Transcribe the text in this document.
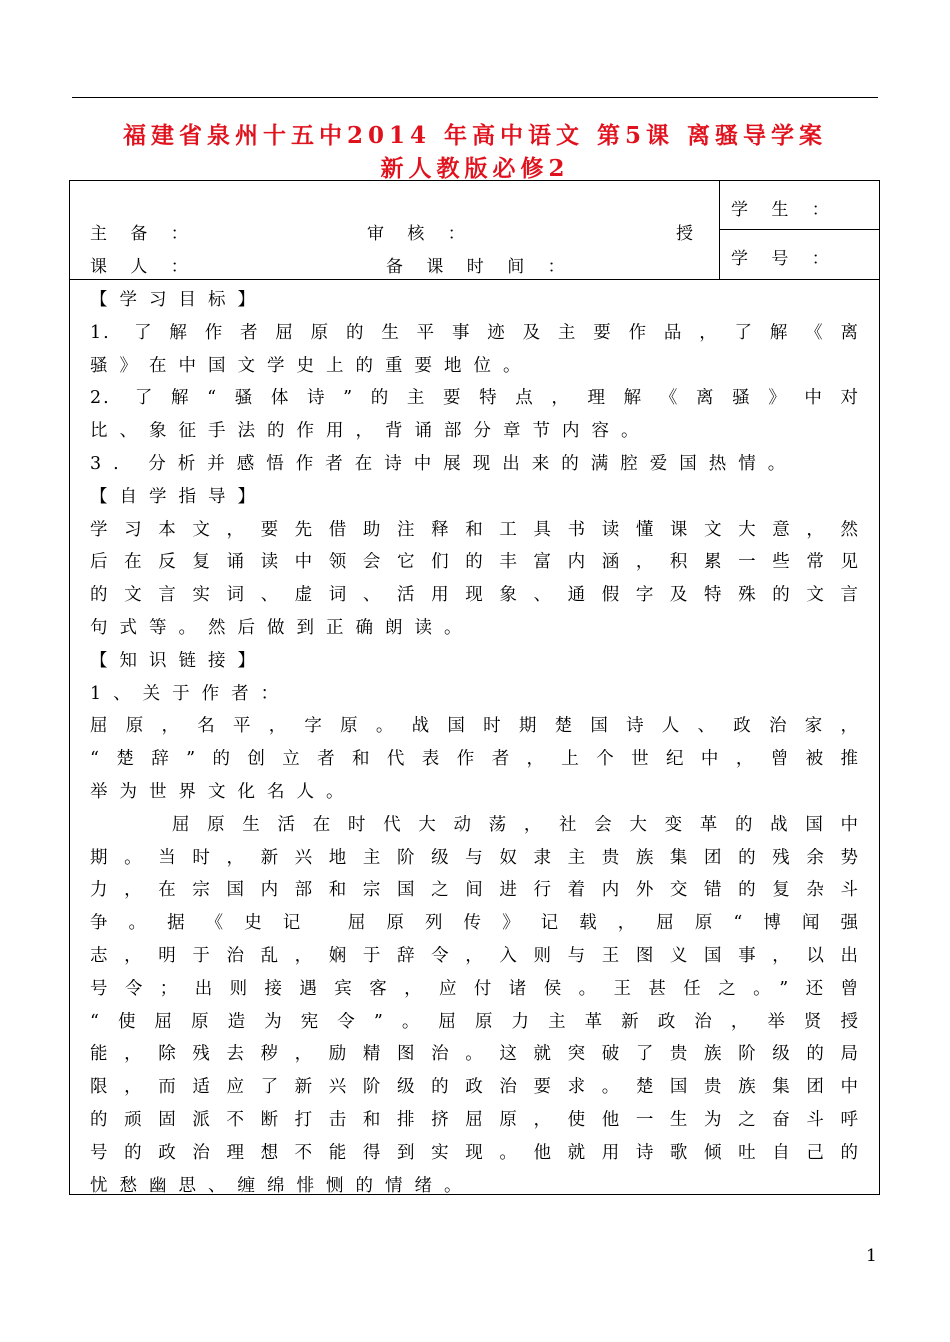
福建省泉州十五中2014 年高中语文 第5课 离骚导学案
新人教版必修2
主 备 ：	审 核 ：	授
课 人 ：	备 课 时 间 ：
学 生 ：
学 号 ：
【学习目标】
1. 了解作者屈原的生平事迹及主要作品，了解《离
骚》在中国文学史上的重要地位。
2. 了解“骚体诗”的主要特点，理解《离骚》中对
比、象征手法的作用，背诵部分章节内容。
3. 分析并感悟作者在诗中展现出来的满腔爱国热情。
【自学指导】
学习本文，要先借助注释和工具书读懂课文大意，然
后在反复诵读中领会它们的丰富内涵，积累一些常见
的文言实词、虚词、活用现象、通假字及特殊的文言
句式等。然后做到正确朗读。
【知识链接】
1、关于作者：
屈原，名平，字原。战国时期楚国诗人、政治家，
“楚辞”的创立者和代表作者，上个世纪中，曾被推
举为世界文化名人。
屈原生活在时代大动荡，社会大变革的战国中
期。当时，新兴地主阶级与奴隶主贵族集团的残余势
力，在宗国内部和宗国之间进行着内外交错的复杂斗
争。据《史记 屈原列传》记载，屈原“博闻强
志，明于治乱，娴于辞令，入则与王图义国事，以出
号令；出则接遇宾客，应付诸侯。王甚任之。”还曾
“使屈原造为宪令”。屈原力主革新政治，举贤授
能，除残去秽，励精图治。这就突破了贵族阶级的局
限，而适应了新兴阶级的政治要求。楚国贵族集团中
的顽固派不断打击和排挤屈原，使他一生为之奋斗呼
号的政治理想不能得到实现。他就用诗歌倾吐自己的
忧愁幽思、缠绵悱恻的情绪。
1
